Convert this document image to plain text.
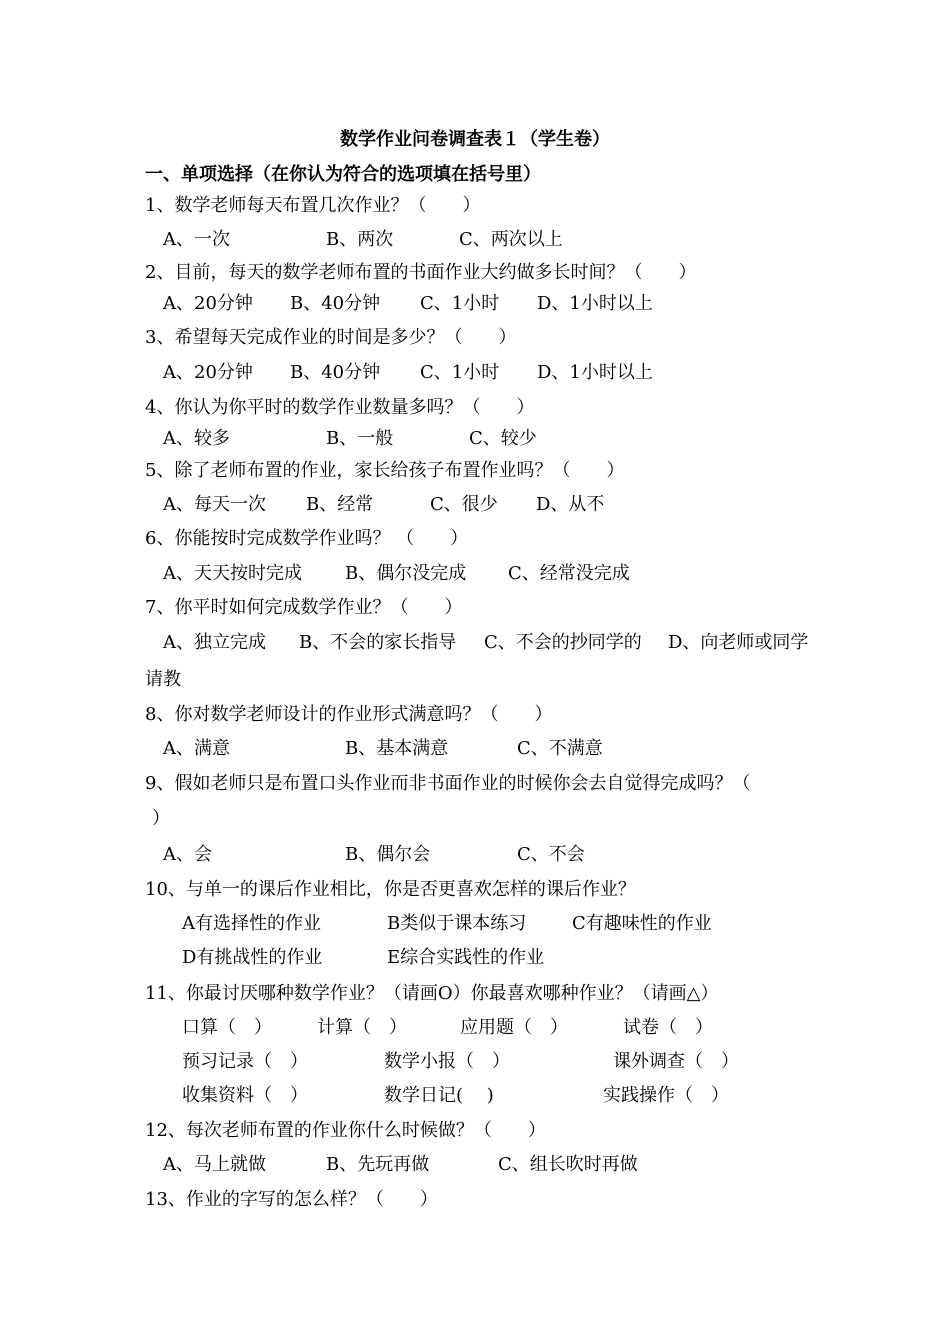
数学作业问卷调查表１（学生卷）
一、单项选择（在你认为符合的选项填在括号里）
1、数学老师每天布置几次作业？（　　）
A、一次	B、两次	C、两次以上
2、目前，每天的数学老师布置的书面作业大约做多长时间？（　　）
A、20分钟 B、40分钟 C、1小时 D、1小时以上
3、希望每天完成作业的时间是多少？（　　）
A、20分钟 B、40分钟 C、1小时 D、1小时以上
4、你认为你平时的数学作业数量多吗？（　　）
A、较多	B、一般	C、较少
5、除了老师布置的作业，家长给孩子布置作业吗？（　　）
A、每天一次 B、经常	C、很少 D、从不
6、你能按时完成数学作业吗？ （　　）
A、天天按时完成 B、偶尔没完成 C、经常没完成
7、你平时如何完成数学作业？（　　）
A、独立完成 B、不会的家长指导 C、不会的抄同学的 D、向老师或同学
请教
8、你对数学老师设计的作业形式满意吗？（　　）
A、满意	B、基本满意	C、不满意
9、假如老师只是布置口头作业而非书面作业的时候你会去自觉得完成吗？（
）
A、会	B、偶尔会	C、不会
10、与单一的课后作业相比，你是否更喜欢怎样的课后作业？
A有选择性的作业	B类似于课本练习	C有趣味性的作业
D有挑战性的作业	E综合实践性的作业
11、你最讨厌哪种数学作业？（请画O）你最喜欢哪种作业？（请画△）
口算（　）	计算（　）	应用题（　）	试卷（　）
预习记录（　）	数学小报（　）	课外调查（　）
收集资料（　）	数学日记(　 )	实践操作（　）
12、每次老师布置的作业你什么时候做？（　　）
A、马上就做	B、先玩再做	C、组长吹时再做
13、作业的字写的怎么样？（　　）
